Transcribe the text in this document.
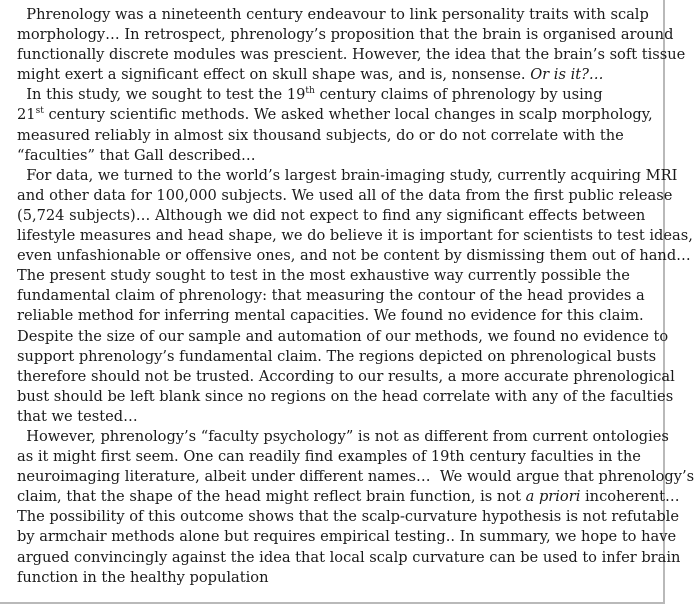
Phrenology was a nineteenth century endeavour to link personality traits with scalp
morphology… In retrospect, phrenology’s proposition that the brain is organised around
functionally discrete modules was prescient. However, the idea that the brain’s soft tissue
might exert a significant effect on skull shape was, and is, nonsense. Or is it?…
In this study, we sought to test the 19th century claims of phrenology by using
21st century scientific methods. We asked whether local changes in scalp morphology,
measured reliably in almost six thousand subjects, do or do not correlate with the
“faculties” that Gall described…
For data, we turned to the world’s largest brain-imaging study, currently acquiring MRI
and other data for 100,000 subjects. We used all of the data from the first public release
(5,724 subjects)… Although we did not expect to find any significant effects between
lifestyle measures and head shape, we do believe it is important for scientists to test ideas,
even unfashionable or offensive ones, and not be content by dismissing them out of hand…
The present study sought to test in the most exhaustive way currently possible the
fundamental claim of phrenology: that measuring the contour of the head provides a
reliable method for inferring mental capacities. We found no evidence for this claim.
Despite the size of our sample and automation of our methods, we found no evidence to
support phrenology’s fundamental claim. The regions depicted on phrenological busts
therefore should not be trusted. According to our results, a more accurate phrenological
bust should be left blank since no regions on the head correlate with any of the faculties
that we tested…
However, phrenology’s “faculty psychology” is not as different from current ontologies
as it might first seem. One can readily find examples of 19th century faculties in the
neuroimaging literature, albeit under different names…  We would argue that phrenology’s
claim, that the shape of the head might reflect brain function, is not a priori incoherent…
The possibility of this outcome shows that the scalp-curvature hypothesis is not refutable
by armchair methods alone but requires empirical testing.. In summary, we hope to have
argued convincingly against the idea that local scalp curvature can be used to infer brain
function in the healthy population
